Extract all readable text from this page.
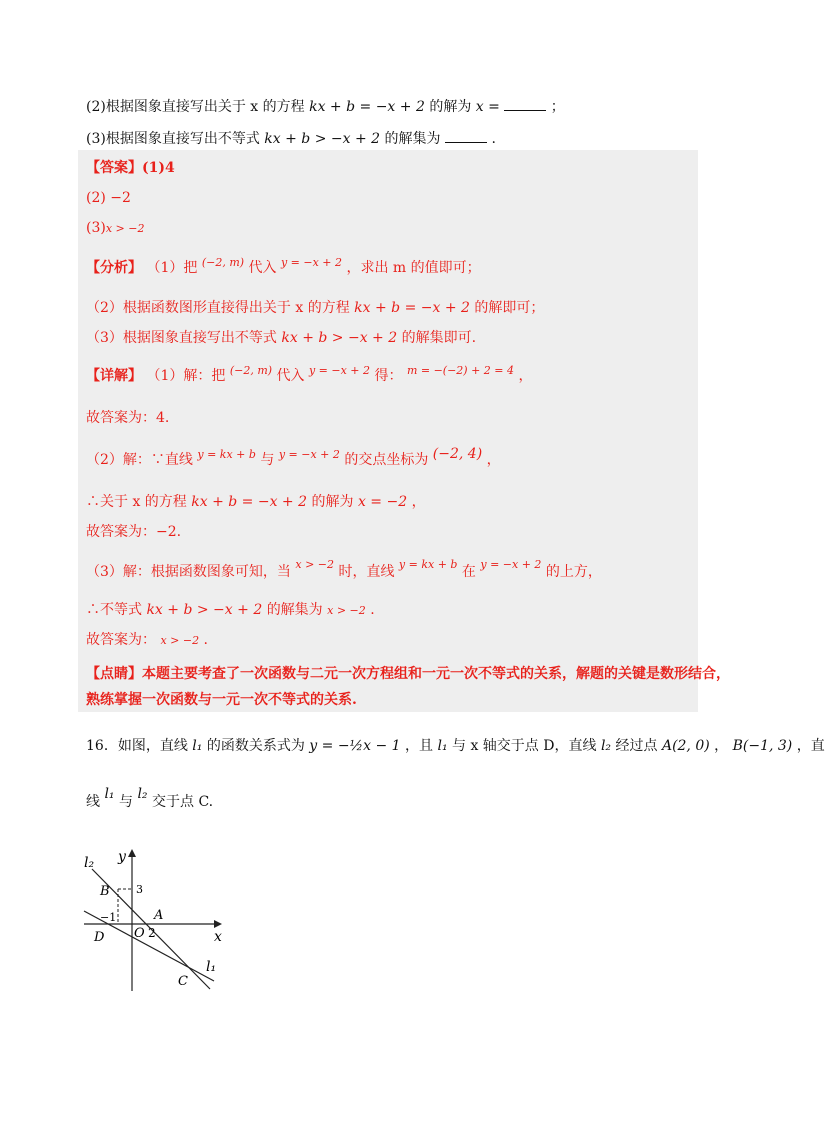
(2)根据图象直接写出关于 x 的方程 kx + b = −x + 2 的解为 x =	；
(3)根据图象直接写出不等式 kx + b > −x + 2 的解集为	.
【答案】(1)4
(2) −2
(3)x > −2
【分析】 （1）把 $^{(-2, m)}$ 代入 $^{y = -x + 2}$ ，求出 m 的值即可；
（2）根据函数图形直接得出关于 x 的方程 kx + b = −x + 2 的解即可；
（3）根据图象直接写出不等式 kx + b > −x + 2 的解集即可.
【详解】 （1）解：把 $^{(-2, m)}$ 代入 $^{y = -x + 2}$ 得： $^{m = -(-2) + 2 = 4}$ ，
故答案为：4.
（2）解：∵直线 $^{y = kx + b}$ 与 $^{y = -x + 2}$ 的交点坐标为 (−2, 4) ，
∴关于 x 的方程 kx + b = −x + 2 的解为 x = −2 ，
故答案为：−2.
（3）解：根据函数图象可知，当 $^{x > -2}$ 时，直线 $^{y = kx + b}$ 在 $^{y = -x + 2}$ 的上方，
∴不等式 kx + b > −x + 2 的解集为 x > −2 .
故答案为： x > −2 .
【点睛】本题主要考查了一次函数与二元一次方程组和一元一次不等式的关系，解题的关键是数形结合，
熟练掌握一次函数与一元一次不等式的关系.
16．如图，直线 l₁ 的函数关系式为 y = −½x − 1 ，且 l₁ 与 x 轴交于点 D，直线 l₂ 经过点 A(2, 0) ， B(−1, 3) ，直
线 l₁ 与 l₂ 交于点 C.
y
x
l₂
l₁
B 3
−1	A
D O 2
C
